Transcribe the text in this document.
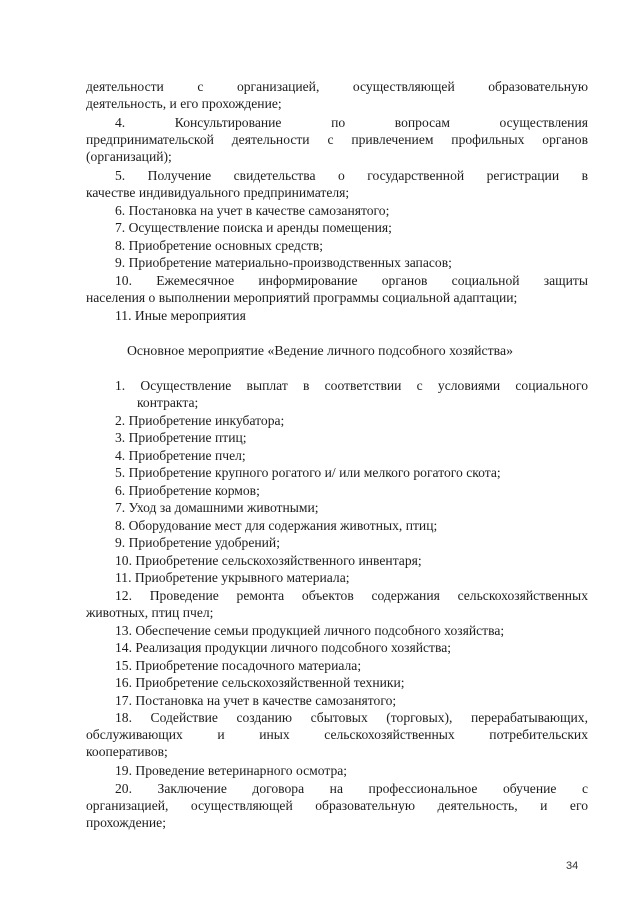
деятельности с организацией, осуществляющей образовательную
деятельность, и его прохождение;
4. Консультирование по вопросам осуществления
предпринимательской деятельности с привлечением профильных органов
(организаций);
5. Получение свидетельства о государственной регистрации в
качестве индивидуального предпринимателя;
6. Постановка на учет в качестве самозанятого;
7. Осуществление поиска и аренды помещения;
8. Приобретение основных средств;
9. Приобретение материально-производственных запасов;
10. Ежемесячное информирование органов социальной защиты
населения о выполнении мероприятий программы социальной адаптации;
11. Иные мероприятия
Основное мероприятие «Ведение личного подсобного хозяйства»
1. Осуществление выплат в соответствии с условиями социального
контракта;
2. Приобретение инкубатора;
3. Приобретение птиц;
4. Приобретение пчел;
5. Приобретение крупного рогатого и/ или мелкого рогатого скота;
6. Приобретение кормов;
7. Уход за домашними животными;
8. Оборудование мест для содержания животных, птиц;
9. Приобретение удобрений;
10. Приобретение сельскохозяйственного инвентаря;
11. Приобретение укрывного материала;
12. Проведение ремонта объектов содержания сельскохозяйственных
животных, птиц пчел;
13. Обеспечение семьи продукцией личного подсобного хозяйства;
14. Реализация продукции личного подсобного хозяйства;
15. Приобретение посадочного материала;
16. Приобретение сельскохозяйственной техники;
17. Постановка на учет в качестве самозанятого;
18. Содействие созданию сбытовых (торговых), перерабатывающих,
обслуживающих и иных сельскохозяйственных потребительских
кооперативов;
19. Проведение ветеринарного осмотра;
20. Заключение договора на профессиональное обучение с
организацией, осуществляющей образовательную деятельность, и его
прохождение;
34
